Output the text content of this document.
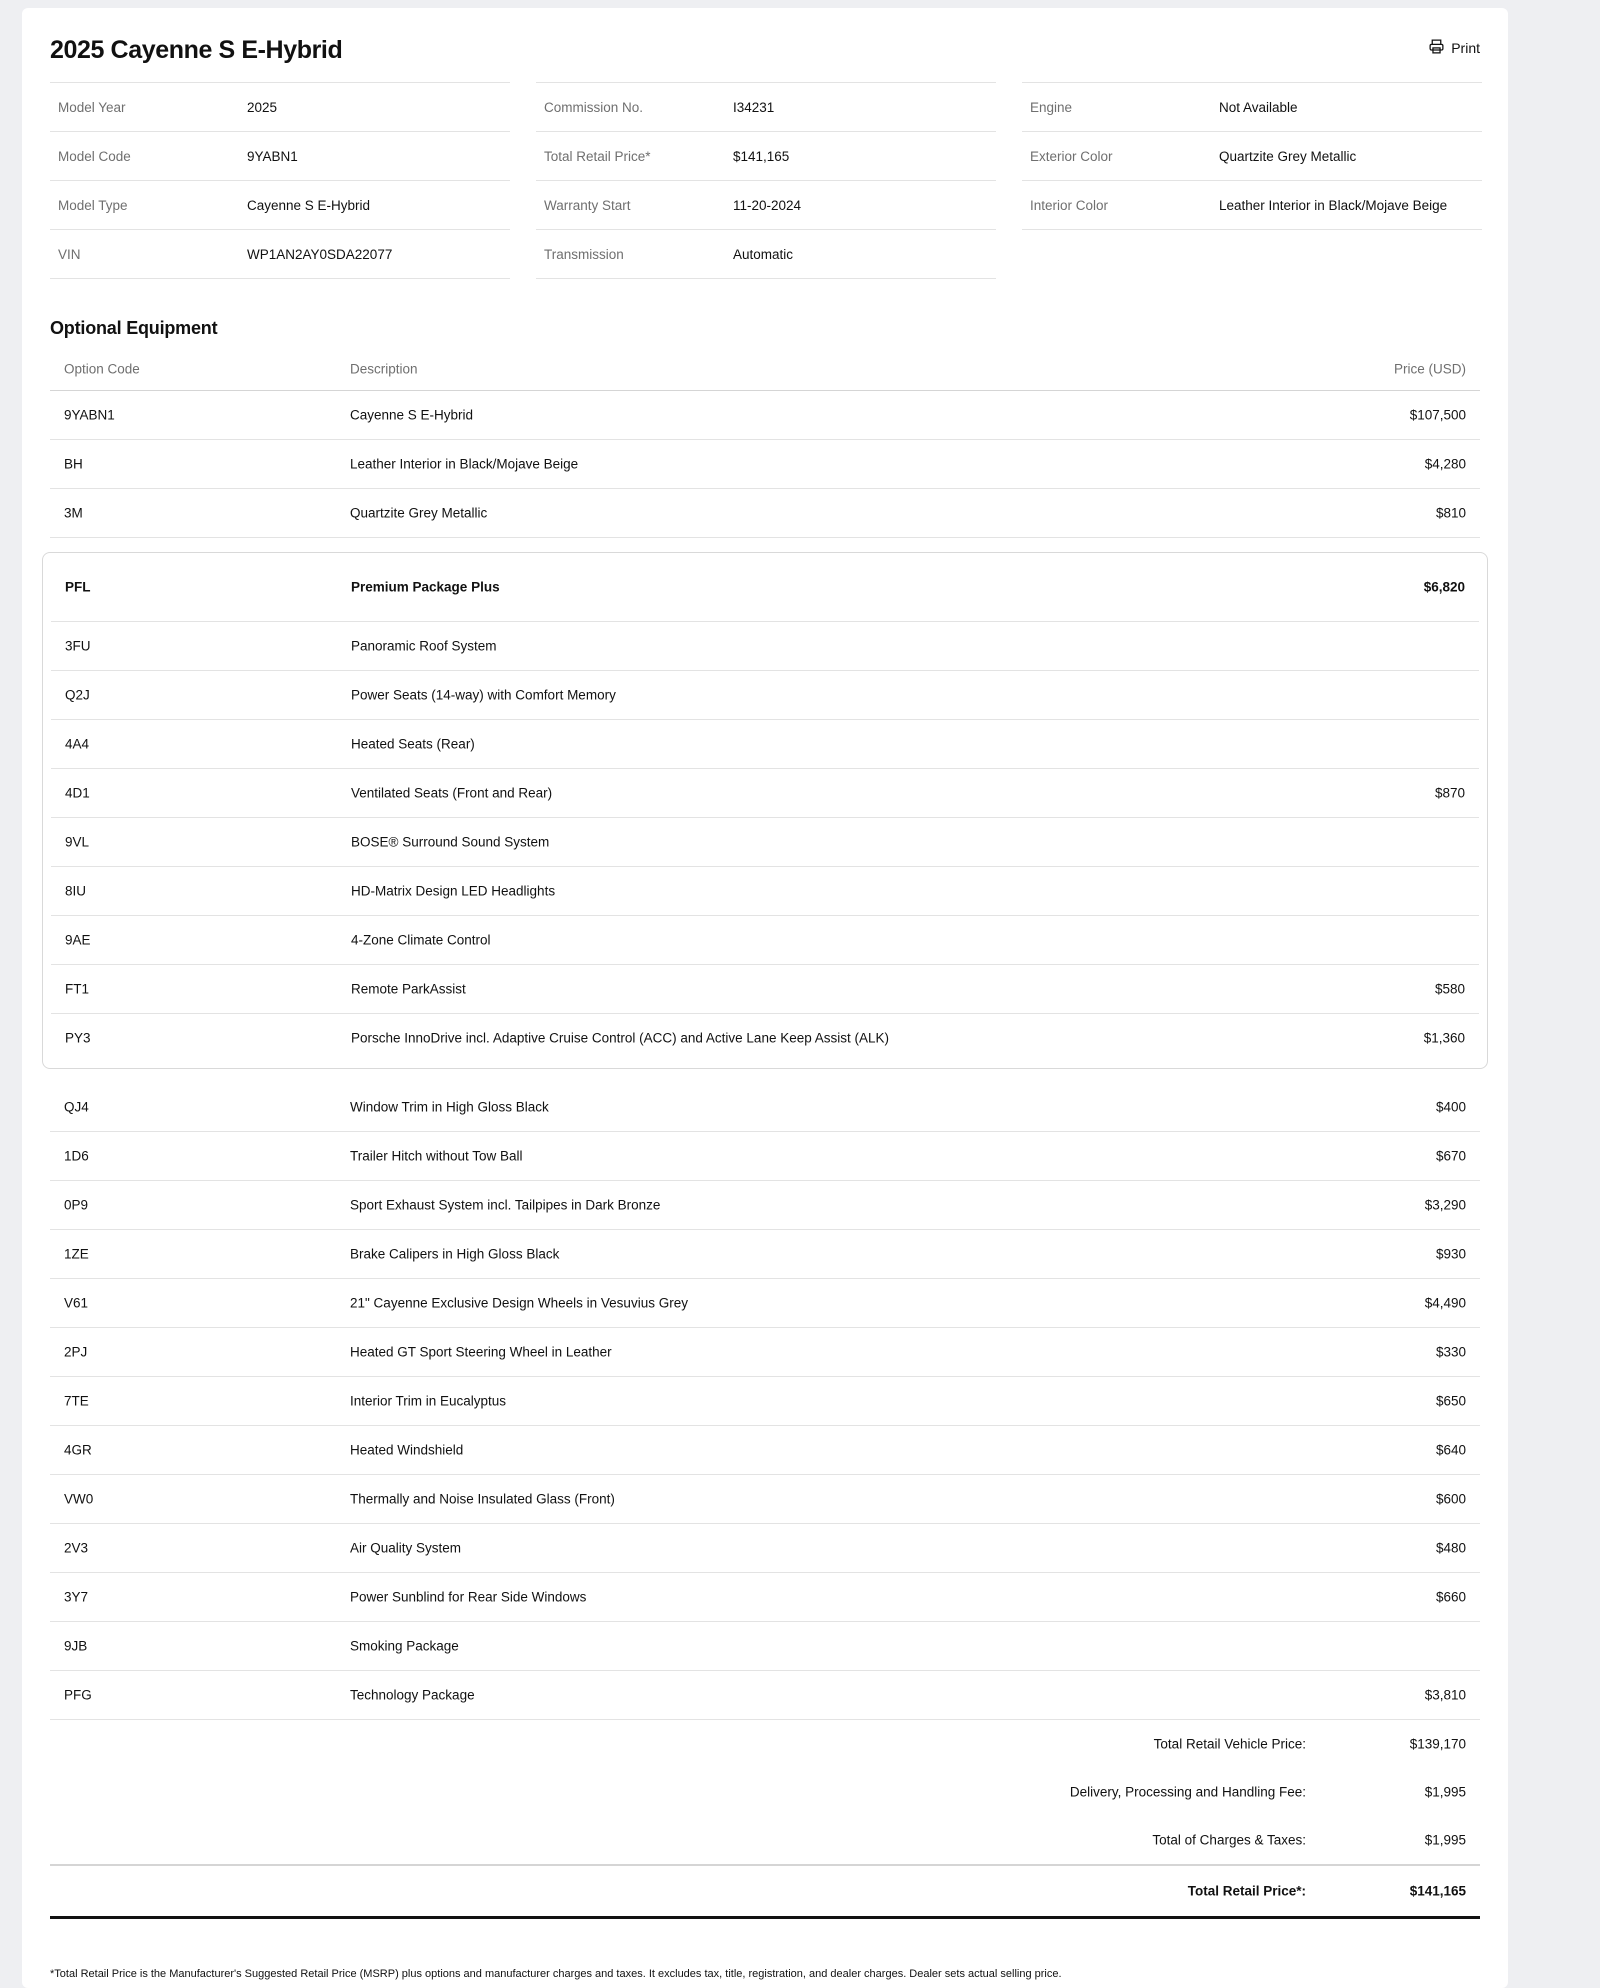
2025 Cayenne S E-Hybrid	Print
Model Year	2025
Model Code	9YABN1
Model Type	Cayenne S E-Hybrid
VIN	WP1AN2AY0SDA22077
Commission No.	I34231
Total Retail Price*	$141,165
Warranty Start	11-20-2024
Transmission	Automatic
Engine	Not Available
Exterior Color	Quartzite Grey Metallic
Interior Color	Leather Interior in Black/Mojave Beige
Optional Equipment
Option Code	Description	Price (USD)
9YABN1	Cayenne S E-Hybrid	$107,500
BH	Leather Interior in Black/Mojave Beige	$4,280
3M	Quartzite Grey Metallic	$810
PFL	Premium Package Plus	$6,820
3FU	Panoramic Roof System
Q2J	Power Seats (14-way) with Comfort Memory
4A4	Heated Seats (Rear)
4D1	Ventilated Seats (Front and Rear)	$870
9VL	BOSE® Surround Sound System
8IU	HD-Matrix Design LED Headlights
9AE	4-Zone Climate Control
FT1	Remote ParkAssist	$580
PY3	Porsche InnoDrive incl. Adaptive Cruise Control (ACC) and Active Lane Keep Assist (ALK)	$1,360
QJ4	Window Trim in High Gloss Black	$400
1D6	Trailer Hitch without Tow Ball	$670
0P9	Sport Exhaust System incl. Tailpipes in Dark Bronze	$3,290
1ZE	Brake Calipers in High Gloss Black	$930
V61	21" Cayenne Exclusive Design Wheels in Vesuvius Grey	$4,490
2PJ	Heated GT Sport Steering Wheel in Leather	$330
7TE	Interior Trim in Eucalyptus	$650
4GR	Heated Windshield	$640
VW0	Thermally and Noise Insulated Glass (Front)	$600
2V3	Air Quality System	$480
3Y7	Power Sunblind for Rear Side Windows	$660
9JB	Smoking Package
PFG	Technology Package	$3,810
Total Retail Vehicle Price:	$139,170
Delivery, Processing and Handling Fee:	$1,995
Total of Charges & Taxes:	$1,995
Total Retail Price*:	$141,165
*Total Retail Price is the Manufacturer's Suggested Retail Price (MSRP) plus options and manufacturer charges and taxes. It excludes tax, title, registration, and dealer charges. Dealer sets actual selling price.
